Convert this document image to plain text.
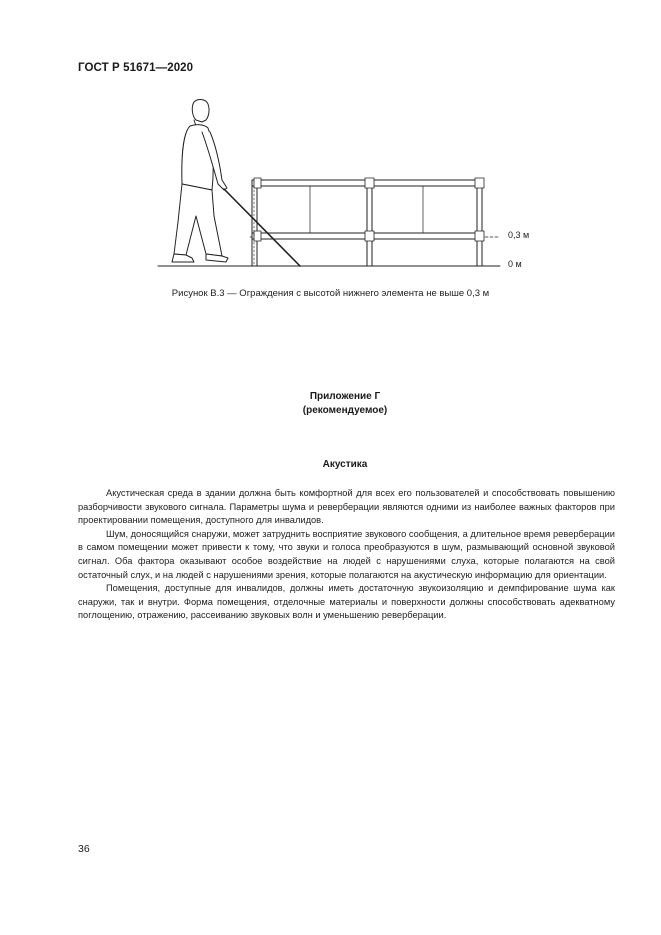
ГОСТ Р 51671—2020
0,3 м
0 м
Рисунок В.3 — Ограждения с высотой нижнего элемента не выше 0,3 м
Приложение Г
(рекомендуемое)
Акустика

Акустическая среда в здании должна быть комфортной для всех его пользователей и способствовать повышению разборчивости звукового сигнала. Параметры шума и реверберации являются одними из наиболее важных факторов при проектировании помещения, доступного для инвалидов.

Шум, доносящийся снаружи, может затруднить восприятие звукового сообщения, а длительное время реверберации в самом помещении может привести к тому, что звуки и голоса преобразуются в шум, размывающий основной звуковой сигнал. Оба фактора оказывают особое воздействие на людей с нарушениями слуха, которые полагаются на свой остаточный слух, и на людей с нарушениями зрения, которые полагаются на акустическую информацию для ориентации.

Помещения, доступные для инвалидов, должны иметь достаточную звукоизоляцию и демпфирование шума как снаружи, так и внутри. Форма помещения, отделочные материалы и поверхности должны способствовать адекватному поглощению, отражению, рассеиванию звуковых волн и уменьшению реверберации.

36
